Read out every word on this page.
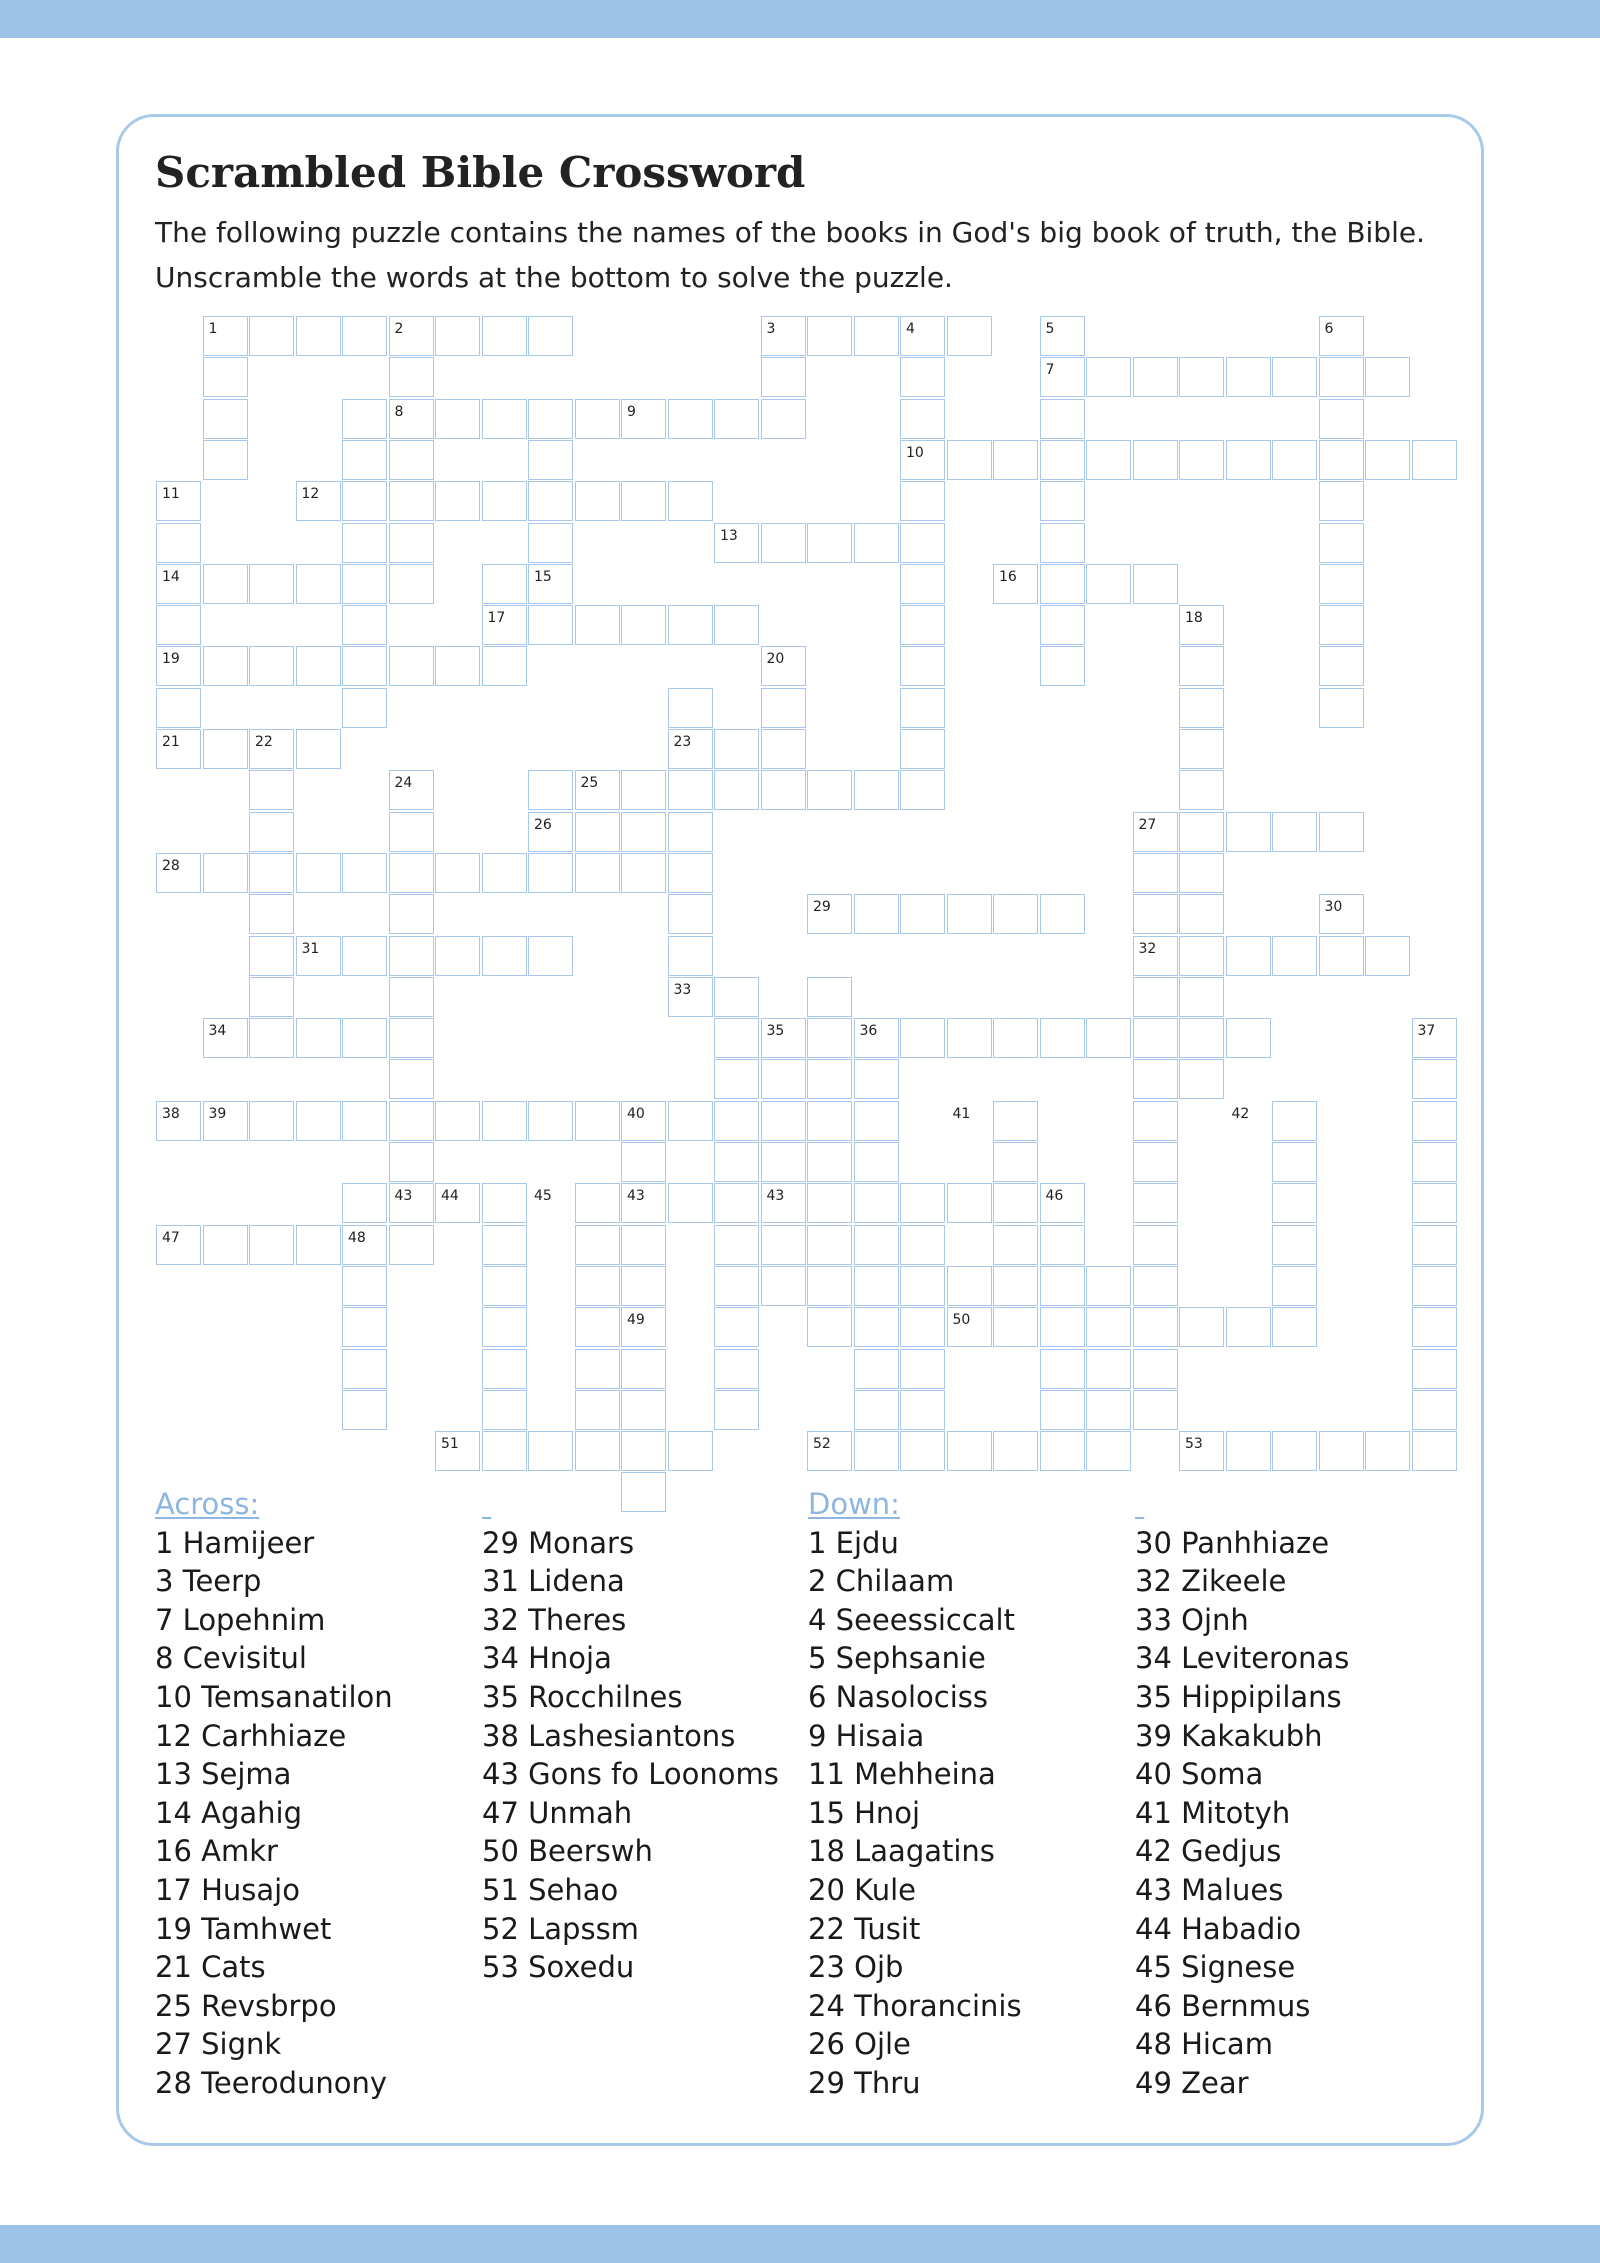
Scrambled Bible Crossword

The following puzzle contains the names of the books in God's big book of truth, the Bible. Unscramble the words at the bottom to solve the puzzle.

1	2	3	4	5	6
7
8	9
10
11	12
13
14	15	16
17	18
19	20
21	22	23
24	25
26	27
28
29	30
31	32
33
34	35	36	37
38 39	40	41	42
43 44	45	43	43	46
47	48
49	50
51	52	53
Across:
1 Hamijeer
3 Teerp
7 Lopehnim
8 Cevisitul
10 Temsanatilon
12 Carhhiaze
13 Sejma
14 Agahig
16 Amkr
17 Husajo
19 Tamhwet
21 Cats
25 Revsbrpo
27 Signk
28 Teerodunony

29 Monars
31 Lidena
32 Theres
34 Hnoja
35 Rocchilnes
38 Lashesiantons
43 Gons fo Loonoms
47 Unmah
50 Beerswh
51 Sehao
52 Lapssm
53 Soxedu
Down:
1 Ejdu
2 Chilaam
4 Seeessiccalt
5 Sephsanie
6 Nasolociss
9 Hisaia
11 Mehheina
15 Hnoj
18 Laagatins
20 Kule
22 Tusit
23 Ojb
24 Thorancinis
26 Ojle
29 Thru

30 Panhhiaze
32 Zikeele
33 Ojnh
34 Leviteronas
35 Hippipilans
39 Kakakubh
40 Soma
41 Mitotyh
42 Gedjus
43 Malues
44 Habadio
45 Signese
46 Bernmus
48 Hicam
49 Zear
